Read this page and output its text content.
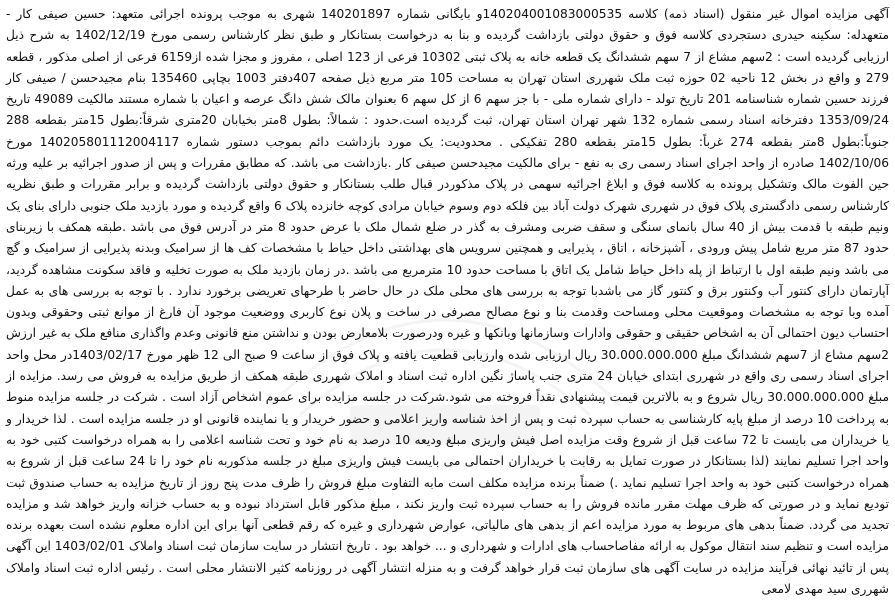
آگهی مزایده اموال غیر منقول (اسناد ذمه) کلاسه 140204001083000535و بایگانی شماره 140201897 شهری به موجب پرونده اجرائی متعهد: حسین صیفی کار - متعهدله: سکینه حیدری دستجردی کلاسه فوق و حقوق دولتی بازداشت گردیده و بنا به درخواست بستانکار و طبق نظر کارشناس رسمی مورخ 1402/12/19 به شرح ذیل ارزیابی گردیده است : 2سهم مشاع از 7 سهم ششدانگ یک قطعه خانه به پلاک ثبتی 10302 فرعی از 123 اصلی ، مفروز و مجزا شده از6159 فرعی از اصلی مذکور ، قطعه 279 و واقع در بخش 12 ناحیه 02 حوزه ثبت ملک شهرری استان تهران به مساحت 105 متر مربع ذیل صفحه 407دفتر 1003 بچاپی 135460 بنام مجیدحسن / صیفی کار فرزند حسین شماره شناسنامه 201 تاریخ تولد - دارای شماره ملی - با جز سهم 6 از کل سهم 6 بعنوان مالک شش دانگ عرصه و اعیان با شماره مستند مالکیت 49089 تاریخ 1353/09/24 دفترخانه اسناد رسمی شماره 132 شهر تهران استان تهران، ثبت گردیده است.حدود : شمالاً: بطول 8متر بخیابان 20متری شرقاً:بطول 15متر بقطعه 288 جنوباً:بطول 8متر بقطعه 274 غرباً: بطول 15متر بقطعه 280 تفکیکی . محدودیت: یک مورد بازداشت دائم بموجب دستور شماره 140205801112004117 مورخ 1402/10/06 صادره از واحد اجرای اسناد رسمی ری به نفع - برای مالکیت مجیدحسن صیفی کار .بازداشت می باشد. که مطابق مقررات و پس از صدور اجرائیه بر علیه ورثه حین الفوت مالک وتشکیل پرونده به کلاسه فوق و ابلاغ اجرائیه سهمی در پلاک مذکوردر قبال طلب بستانکار و حقوق دولتی بازداشت گردیده و برابر مقررات و طبق نظریه کارشناس رسمی دادگستری پلاک فوق در شهرری شهرک دولت آباد بین فلکه دوم وسوم خیابان مرادی کوچه خانزده پلاک 6 واقع گردیده و مورد بازدید ملک جنوبی دارای بنای یک ونیم طبقه با قدمت بیش از 40 سال بانمای سنگی و سقف ضربی ومشرف به گذر در ضلع شمال ملک با عرض حدود 8 متر در آدرس فوق می باشد .طبقه همکف با زیربنای حدود 87 متر مربع شامل پیش ورودی ، آشپزخانه ، اتاق ، پذیرایی و همچنین سرویس های بهداشتی داخل حیاط با مشخصات کف ها از سرامیک وبدنه پذیرایی از سرامیک و گچ می باشد ونیم طبقه اول با ارتباط از پله داخل حیاط شامل یک اتاق با مساحت حدود 10 مترمربع می باشد .در زمان بازدید ملک به صورت تخلیه و فاقد سکونت مشاهده گردید، آپارتمان دارای کنتور آب وکنتور برق و کنتور گاز می باشدبا توجه به بررسی های محلی ملک در حال حاضر با طرحهای تعریضی برخورد ندارد . با توجه به بررسی های به عمل آمده وبا توجه به مشخصات وموقعیت محلی ومساحت وقدمت بنا و نوع مصالح مصرفی در ساخت و پلان نوع کاربری ووضعیت موجود آن فارغ از موانع ثبتی وحقوقی وبدون احتساب دیون احتمالی آن به اشخاص حقیقی و حقوقی وادارات وسازمانها وبانکها و غیره ودرصورت بلامعارض بودن و نداشتن منع قانونی وعدم واگذاری منافع ملک به غیر ارزش 2سهم مشاع از 7سهم ششدانگ مبلغ 30.000.000.000 ریال ارزیابی شده وارزیابی قطعیت یافته و پلاک فوق از ساعت 9 صبح الی 12 ظهر مورخ 1403/02/17در محل واحد اجرای اسناد رسمی ری واقع در شهرری ابتدای خیابان 24 متری جنب پاساژ نگین اداره ثبت اسناد و املاک شهرری طبقه همکف از طریق مزایده به فروش می رسد. مزایده از مبلغ 30.000.000.000 ریال شروع و به بالاترین قیمت پیشنهادی نقداً فروخته می شود.شرکت در جلسه مزایده برای عموم اشخاص آزاد است . شرکت در جلسه مزایده منوط به پرداخت 10 درصد از مبلغ پایه کارشناسی به حساب سپرده ثبت و پس از اخذ شناسه واریز اعلامی و حضور خریدار و یا نماینده قانونی او در جلسه مزایده است . لذا خریدار و یا خریداران می بایست تا 72 ساعت قبل از شروع وقت مزایده اصل فیش واریزی مبلغ ودیعه 10 درصد به نام خود و تحت شناسه اعلامی را به همراه درخواست کتبی خود به واحد اجرا تسلیم نمایند (لذا بستانکار در صورت تمایل به رقابت با خریداران احتمالی می بایست فیش واریزی مبلغ در جلسه مذکوربه نام خود را تا 24 ساعت قبل از شروع به همراه درخواست کتبی خود به واحد اجرا تسلیم نماید .) ضمناً برنده مزایده مکلف است مابه التفاوت مبلغ فروش را ظرف مدت پنج روز از تاریخ مزایده به حساب صندوق ثبت تودیع نماید و در صورتی که ظرف مهلت مقرر مانده فروش را به حساب سپرده ثبت واریز نکند ، مبلغ مذکور قابل استرداد نبوده و به حساب خزانه واریز خواهد شد و مزایده تجدید می گردد. ضمناً بدهی های مربوط به مورد مزایده اعم از بدهی های مالیاتی، عوارض شهرداری و غیره که رقم قطعی آنها برای این اداره معلوم نشده است بعهده برنده مزایده است و تنظیم سند انتقال موکول به ارائه مفاصاحساب های ادارات و شهرداری و ... خواهد بود . تاریخ انتشار در سایت سازمان ثبت اسناد واملاک 1403/02/01 این آگهی پس از تائید نهائی فرآیند مزایده در سایت آگهی های سازمان ثبت قرار خواهد گرفت و به منزله انتشار آگهی در روزنامه کثیر الانتشار محلی است . رئیس اداره ثبت اسناد واملاک شهرری سید مهدی لامعی
